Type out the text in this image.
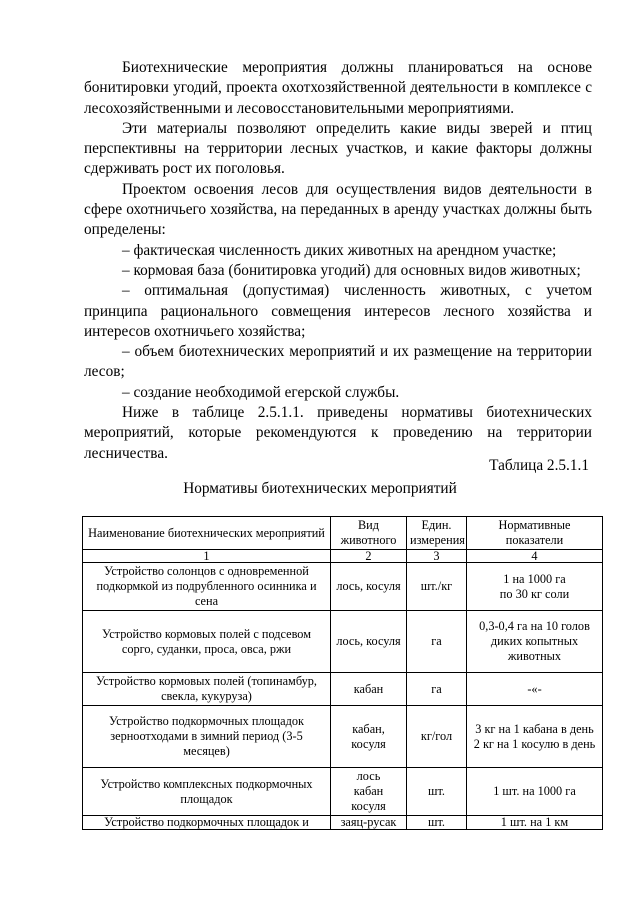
Биотехнические мероприятия должны планироваться на основе бонитировки угодий, проекта охотхозяйственной деятельности в комплексе с лесохозяйственными и лесовосстановительными мероприятиями.

Эти материалы позволяют определить какие виды зверей и птиц перспективны на территории лесных участков, и какие факторы должны сдерживать рост их поголовья.

Проектом освоения лесов для осуществления видов деятельности в сфере охотничьего хозяйства, на переданных в аренду участках должны быть определены:

– фактическая численность диких животных на арендном участке;

– кормовая база (бонитировка угодий) для основных видов животных;

– оптимальная (допустимая) численность животных, с учетом принципа рационального совмещения интересов лесного хозяйства и интересов охотничьего хозяйства;

– объем биотехнических мероприятий и их размещение на территории лесов;

– создание необходимой егерской службы.

Ниже в таблице 2.5.1.1. приведены нормативы биотехнических мероприятий, которые рекомендуются к проведению на территории лесничества.

Таблица 2.5.1.1
Нормативы биотехнических мероприятий
Наименование биотехнических мероприятий	Вид животного	Един. измерения	Нормативные показатели
1	2	3	4
Устройство солонцов с одновременной подкормкой из подрубленного осинника и сена	лось, косуля	шт./кг	1 на 1000 га
по 30 кг соли
Устройство кормовых полей с подсевом сорго, суданки, проса, овса, ржи	лось, косуля	га	0,3-0,4 га на 10 голов диких копытных животных
Устройство кормовых полей (топинамбур, свекла, кукуруза)	кабан	га	-«-
Устройство подкормочных площадок зерноотходами в зимний период (3-5 месяцев)	кабан, косуля	кг/гол	3 кг на 1 кабана в день
2 кг на 1 косулю в день
Устройство комплексных подкормочных площадок	лось
кабан
косуля	шт.	1 шт. на 1000 га
Устройство подкормочных площадок и	заяц-русак	шт.	1 шт. на 1 км
